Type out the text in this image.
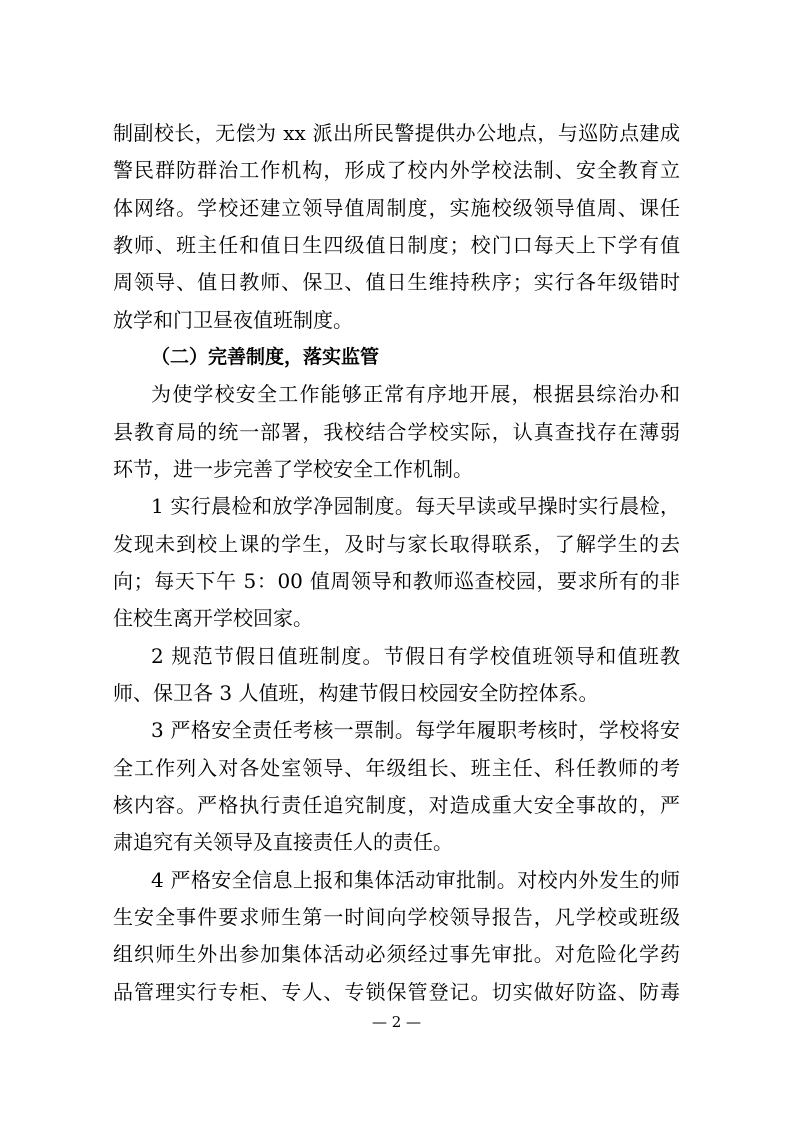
制副校长，无偿为 xx 派出所民警提供办公地点，与巡防点建成
警民群防群治工作机构，形成了校内外学校法制、安全教育立
体网络。学校还建立领导值周制度，实施校级领导值周、课任
教师、班主任和值日生四级值日制度；校门口每天上下学有值
周领导、值日教师、保卫、值日生维持秩序；实行各年级错时
放学和门卫昼夜值班制度。
（二）完善制度，落实监管
为使学校安全工作能够正常有序地开展，根据县综治办和
县教育局的统一部署，我校结合学校实际，认真查找存在薄弱
环节，进一步完善了学校安全工作机制。
1 实行晨检和放学净园制度。每天早读或早操时实行晨检，
发现未到校上课的学生，及时与家长取得联系，了解学生的去
向；每天下午 5：00 值周领导和教师巡查校园，要求所有的非
住校生离开学校回家。
2 规范节假日值班制度。节假日有学校值班领导和值班教
师、保卫各 3 人值班，构建节假日校园安全防控体系。
3 严格安全责任考核一票制。每学年履职考核时，学校将安
全工作列入对各处室领导、年级组长、班主任、科任教师的考
核内容。严格执行责任追究制度，对造成重大安全事故的，严
肃追究有关领导及直接责任人的责任。
4 严格安全信息上报和集体活动审批制。对校内外发生的师
生安全事件要求师生第一时间向学校领导报告，凡学校或班级
组织师生外出参加集体活动必须经过事先审批。对危险化学药
品管理实行专柜、专人、专锁保管登记。切实做好防盗、防毒
— 2 —
